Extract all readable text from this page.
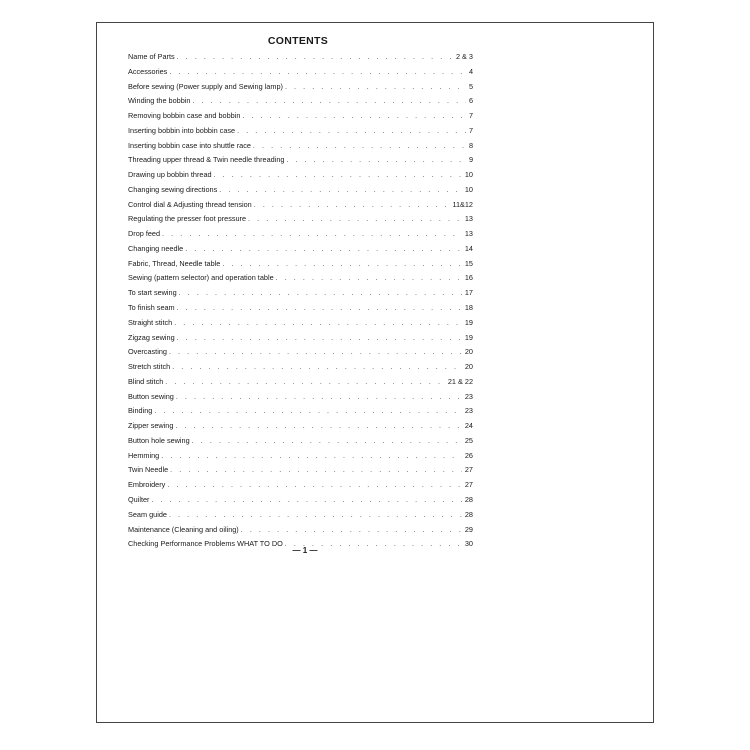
CONTENTS
Name of Parts . . .	2 & 3
Accessories . . .	4
Before sewing (Power supply and Sewing lamp) . . .	5
Winding the bobbin . . .	6
Removing bobbin case and bobbin . . .	7
Inserting bobbin into bobbin case . . .	7
Inserting bobbin case into shuttle race . . .	8
Threading upper thread & Twin needle threading . . .	9
Drawing up bobbin thread . . .	10
Changing sewing directions . . .	10
Control dial & Adjusting thread tension . . .	11&12
Regulating the presser foot pressure . . .	13
Drop feed . . .	13
Changing needle . . .	14
Fabric, Thread, Needle table . . .	15
Sewing (pattern selector) and operation table . . .	16
To start sewing . . .	17
To finish seam . . .	18
Straight stitch . . .	19
Zigzag sewing . . .	19
Overcasting . . .	20
Stretch stitch . . .	20
Blind stitch . . .	21 & 22
Button sewing . . .	23
Binding . . .	23
Zipper sewing . . .	24
Button hole sewing . . .	25
Hemming . . .	26
Twin Needle . . .	27
Embroidery . . .	27
Quilter . . .	28
Seam guide . . .	28
Maintenance (Cleaning and oiling) . . .	29
Checking Performance Problems WHAT TO DO . . .	30
— 1 —
